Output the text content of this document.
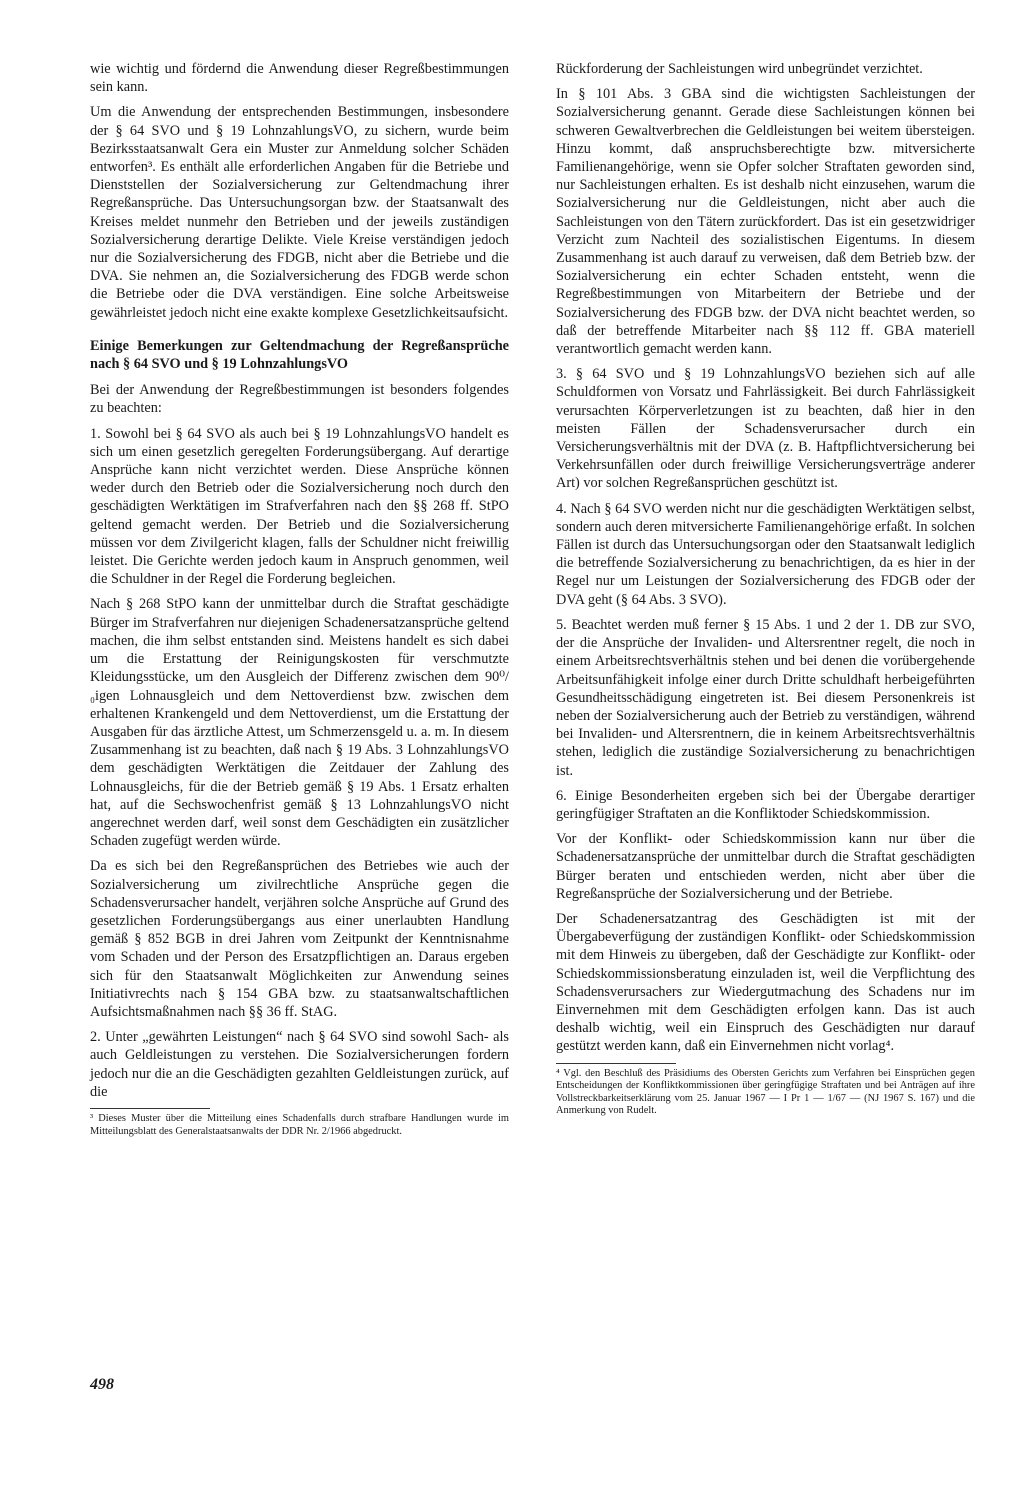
wie wichtig und fördernd die Anwendung dieser Regreßbestimmungen sein kann.

Um die Anwendung der entsprechenden Bestimmungen, insbesondere der § 64 SVO und § 19 LohnzahlungsVO, zu sichern, wurde beim Bezirksstaatsanwalt Gera ein Muster zur Anmeldung solcher Schäden entworfen³. Es enthält alle erforderlichen Angaben für die Betriebe und Dienststellen der Sozialversicherung zur Geltendmachung ihrer Regreßansprüche. Das Untersuchungsorgan bzw. der Staatsanwalt des Kreises meldet nunmehr den Betrieben und der jeweils zuständigen Sozialversicherung derartige Delikte. Viele Kreise verständigen jedoch nur die Sozialversicherung des FDGB, nicht aber die Betriebe und die DVA. Sie nehmen an, die Sozialversicherung des FDGB werde schon die Betriebe oder die DVA verständigen. Eine solche Arbeitsweise gewährleistet jedoch nicht eine exakte komplexe Gesetzlichkeitsaufsicht.

Einige Bemerkungen zur Geltendmachung der Regreßansprüche nach § 64 SVO und § 19 LohnzahlungsVO

Bei der Anwendung der Regreßbestimmungen ist besonders folgendes zu beachten:

1. Sowohl bei § 64 SVO als auch bei § 19 LohnzahlungsVO handelt es sich um einen gesetzlich geregelten Forderungsübergang. Auf derartige Ansprüche kann nicht verzichtet werden. Diese Ansprüche können weder durch den Betrieb oder die Sozialversicherung noch durch den geschädigten Werktätigen im Strafverfahren nach den §§ 268 ff. StPO geltend gemacht werden. Der Betrieb und die Sozialversicherung müssen vor dem Zivilgericht klagen, falls der Schuldner nicht freiwillig leistet. Die Gerichte werden jedoch kaum in Anspruch genommen, weil die Schuldner in der Regel die Forderung begleichen.

Nach § 268 StPO kann der unmittelbar durch die Straftat geschädigte Bürger im Strafverfahren nur diejenigen Schadenersatzansprüche geltend machen, die ihm selbst entstanden sind. Meistens handelt es sich dabei um die Erstattung der Reinigungskosten für verschmutzte Kleidungsstücke, um den Ausgleich der Differenz zwischen dem 90⁰/₀igen Lohnausgleich und dem Nettoverdienst bzw. zwischen dem erhaltenen Krankengeld und dem Nettoverdienst, um die Erstattung der Ausgaben für das ärztliche Attest, um Schmerzensgeld u. a. m. In diesem Zusammenhang ist zu beachten, daß nach § 19 Abs. 3 LohnzahlungsVO dem geschädigten Werktätigen die Zeitdauer der Zahlung des Lohnausgleichs, für die der Betrieb gemäß § 19 Abs. 1 Ersatz erhalten hat, auf die Sechswochenfrist gemäß § 13 LohnzahlungsVO nicht angerechnet werden darf, weil sonst dem Geschädigten ein zusätzlicher Schaden zugefügt werden würde.

Da es sich bei den Regreßansprüchen des Betriebes wie auch der Sozialversicherung um zivilrechtliche Ansprüche gegen die Schadensverursacher handelt, verjähren solche Ansprüche auf Grund des gesetzlichen Forderungsübergangs aus einer unerlaubten Handlung gemäß § 852 BGB in drei Jahren vom Zeitpunkt der Kenntnisnahme vom Schaden und der Person des Ersatzpflichtigen an. Daraus ergeben sich für den Staatsanwalt Möglichkeiten zur Anwendung seines Initiativrechts nach § 154 GBA bzw. zu staatsanwaltschaftlichen Aufsichtsmaßnahmen nach §§ 36 ff. StAG.

2. Unter „gewährten Leistungen“ nach § 64 SVO sind sowohl Sach- als auch Geldleistungen zu verstehen. Die Sozialversicherungen fordern jedoch nur die an die Geschädigten gezahlten Geldleistungen zurück, auf die

³ Dieses Muster über die Mitteilung eines Schadenfalls durch strafbare Handlungen wurde im Mitteilungsblatt des Generalstaatsanwalts der DDR Nr. 2/1966 abgedruckt.

Rückforderung der Sachleistungen wird unbegründet verzichtet.

In § 101 Abs. 3 GBA sind die wichtigsten Sachleistungen der Sozialversicherung genannt. Gerade diese Sachleistungen können bei schweren Gewaltverbrechen die Geldleistungen bei weitem übersteigen. Hinzu kommt, daß anspruchsberechtigte bzw. mitversicherte Familienangehörige, wenn sie Opfer solcher Straftaten geworden sind, nur Sachleistungen erhalten. Es ist deshalb nicht einzusehen, warum die Sozialversicherung nur die Geldleistungen, nicht aber auch die Sachleistungen von den Tätern zurückfordert. Das ist ein gesetzwidriger Verzicht zum Nachteil des sozialistischen Eigentums. In diesem Zusammenhang ist auch darauf zu verweisen, daß dem Betrieb bzw. der Sozialversicherung ein echter Schaden entsteht, wenn die Regreßbestimmungen von Mitarbeitern der Betriebe und der Sozialversicherung des FDGB bzw. der DVA nicht beachtet werden, so daß der betreffende Mitarbeiter nach §§ 112 ff. GBA materiell verantwortlich gemacht werden kann.

3. § 64 SVO und § 19 LohnzahlungsVO beziehen sich auf alle Schuldformen von Vorsatz und Fahrlässigkeit. Bei durch Fahrlässigkeit verursachten Körperverletzungen ist zu beachten, daß hier in den meisten Fällen der Schadensverursacher durch ein Versicherungsverhältnis mit der DVA (z. B. Haftpflichtversicherung bei Verkehrsunfällen oder durch freiwillige Versicherungsverträge anderer Art) vor solchen Regreßansprüchen geschützt ist.

4. Nach § 64 SVO werden nicht nur die geschädigten Werktätigen selbst, sondern auch deren mitversicherte Familienangehörige erfaßt. In solchen Fällen ist durch das Untersuchungsorgan oder den Staatsanwalt lediglich die betreffende Sozialversicherung zu benachrichtigen, da es hier in der Regel nur um Leistungen der Sozialversicherung des FDGB oder der DVA geht (§ 64 Abs. 3 SVO).

5. Beachtet werden muß ferner § 15 Abs. 1 und 2 der 1. DB zur SVO, der die Ansprüche der Invaliden- und Altersrentner regelt, die noch in einem Arbeitsrechtsverhältnis stehen und bei denen die vorübergehende Arbeitsunfähigkeit infolge einer durch Dritte schuldhaft herbeigeführten Gesundheitsschädigung eingetreten ist. Bei diesem Personenkreis ist neben der Sozialversicherung auch der Betrieb zu verständigen, während bei Invaliden- und Altersrentnern, die in keinem Arbeitsrechtsverhältnis stehen, lediglich die zuständige Sozialversicherung zu benachrichtigen ist.

6. Einige Besonderheiten ergeben sich bei der Übergabe derartiger geringfügiger Straftaten an die Konfliktoder Schiedskommission.

Vor der Konflikt- oder Schiedskommission kann nur über die Schadenersatzansprüche der unmittelbar durch die Straftat geschädigten Bürger beraten und entschieden werden, nicht aber über die Regreßansprüche der Sozialversicherung und der Betriebe.

Der Schadenersatzantrag des Geschädigten ist mit der Übergabeverfügung der zuständigen Konflikt- oder Schiedskommission mit dem Hinweis zu übergeben, daß der Geschädigte zur Konflikt- oder Schiedskommissionsberatung einzuladen ist, weil die Verpflichtung des Schadensverursachers zur Wiedergutmachung des Schadens nur im Einvernehmen mit dem Geschädigten erfolgen kann. Das ist auch deshalb wichtig, weil ein Einspruch des Geschädigten nur darauf gestützt werden kann, daß ein Einvernehmen nicht vorlag⁴.

⁴ Vgl. den Beschluß des Präsidiums des Obersten Gerichts zum Verfahren bei Einsprüchen gegen Entscheidungen der Konfliktkommissionen über geringfügige Straftaten und bei Anträgen auf ihre Vollstreckbarkeitserklärung vom 25. Januar 1967 — I Pr 1 — 1/67 — (NJ 1967 S. 167) und die Anmerkung von Rudelt.

498
